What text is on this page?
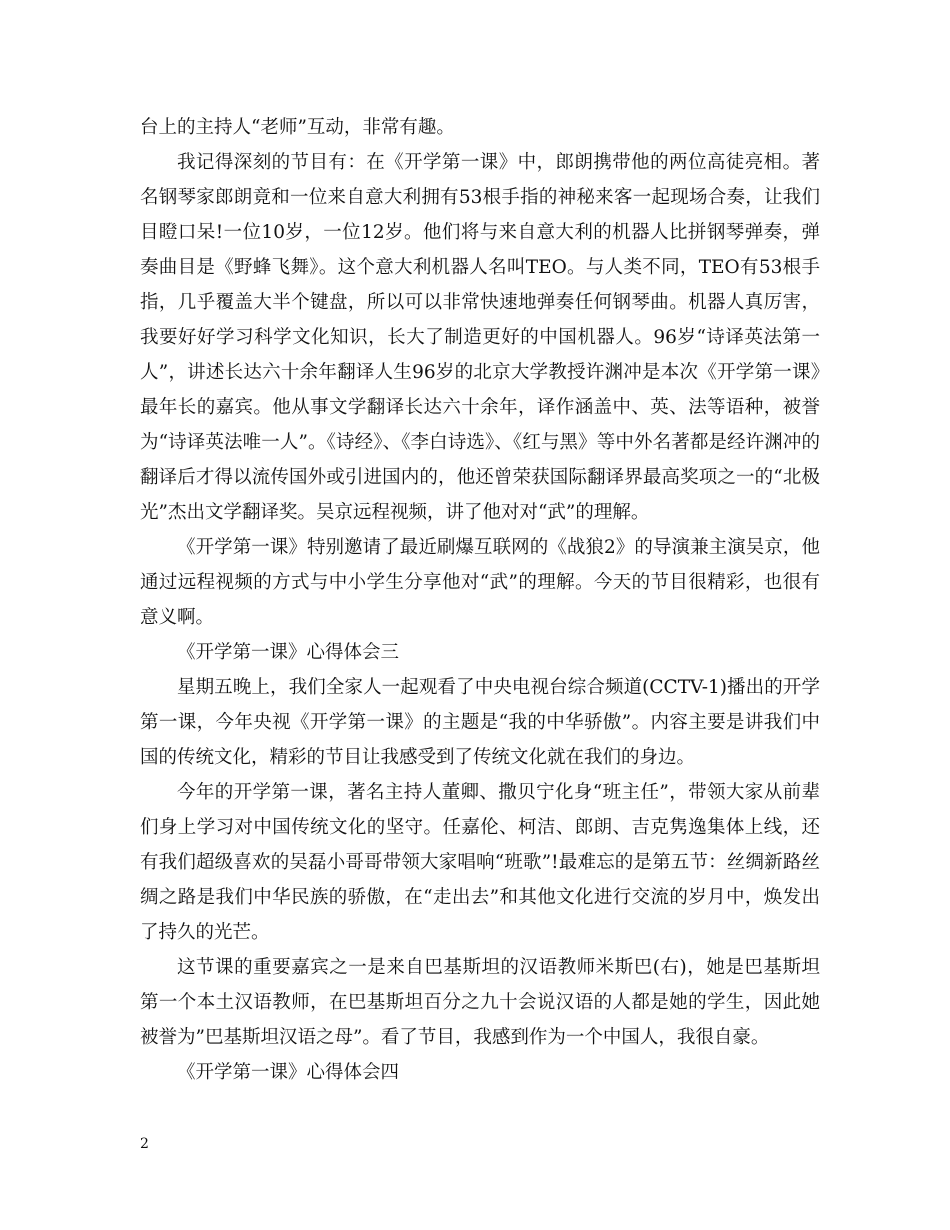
台上的主持人“老师”互动，非常有趣。

我记得深刻的节目有：在《开学第一课》中，郎朗携带他的两位高徒亮相。著名钢琴家郎朗竟和一位来自意大利拥有53根手指的神秘来客一起现场合奏，让我们目瞪口呆!一位10岁，一位12岁。他们将与来自意大利的机器人比拼钢琴弹奏，弹奏曲目是《野蜂飞舞》。这个意大利机器人名叫TEO。与人类不同，TEO有53根手指，几乎覆盖大半个键盘，所以可以非常快速地弹奏任何钢琴曲。机器人真厉害，我要好好学习科学文化知识，长大了制造更好的中国机器人。96岁“诗译英法第一人”，讲述长达六十余年翻译人生96岁的北京大学教授许渊冲是本次《开学第一课》最年长的嘉宾。他从事文学翻译长达六十余年，译作涵盖中、英、法等语种，被誉为“诗译英法唯一人”。《诗经》、《李白诗选》、《红与黑》等中外名著都是经许渊冲的翻译后才得以流传国外或引进国内的，他还曾荣获国际翻译界最高奖项之一的“北极光”杰出文学翻译奖。吴京远程视频，讲了他对对“武”的理解。

《开学第一课》特别邀请了最近刷爆互联网的《战狼2》的导演兼主演吴京，他通过远程视频的方式与中小学生分享他对“武”的理解。今天的节目很精彩，也很有意义啊。

《开学第一课》心得体会三

星期五晚上，我们全家人一起观看了中央电视台综合频道(CCTV-1)播出的开学第一课，今年央视《开学第一课》的主题是“我的中华骄傲”。内容主要是讲我们中国的传统文化，精彩的节目让我感受到了传统文化就在我们的身边。

今年的开学第一课，著名主持人董卿、撒贝宁化身“班主任”，带领大家从前辈们身上学习对中国传统文化的坚守。任嘉伦、柯洁、郎朗、吉克隽逸集体上线，还有我们超级喜欢的吴磊小哥哥带领大家唱响“班歌”!最难忘的是第五节：丝绸新路丝绸之路是我们中华民族的骄傲，在“走出去”和其他文化进行交流的岁月中，焕发出了持久的光芒。

这节课的重要嘉宾之一是来自巴基斯坦的汉语教师米斯巴(右)，她是巴基斯坦第一个本土汉语教师，在巴基斯坦百分之九十会说汉语的人都是她的学生，因此她被誉为”巴基斯坦汉语之母”。看了节目，我感到作为一个中国人，我很自豪。

《开学第一课》心得体会四

2
